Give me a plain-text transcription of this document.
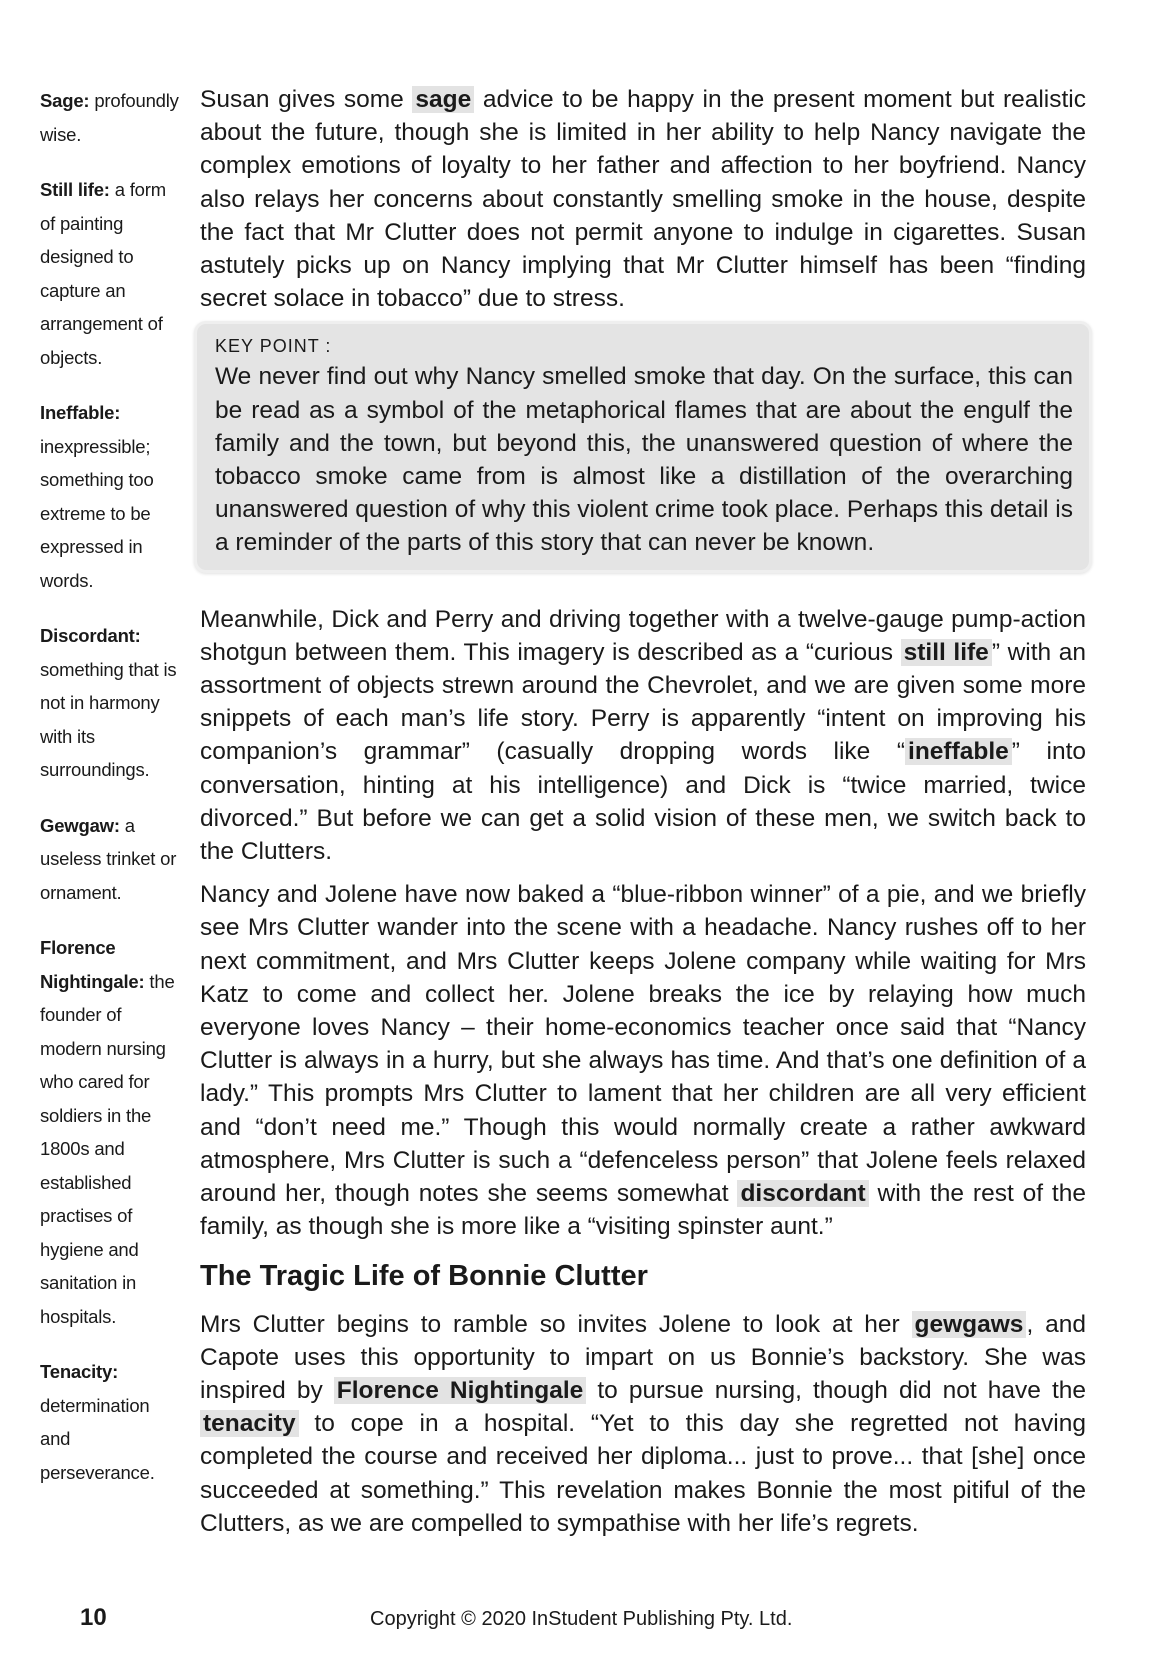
Sage: profoundly wise.
Still life: a form of painting designed to capture an arrangement of objects.
Ineffable: inexpressible; something too extreme to be expressed in words.
Discordant: something that is not in harmony with its surroundings.
Gewgaw: a useless trinket or ornament.
Florence Nightingale: the founder of modern nursing who cared for soldiers in the 1800s and established practises of hygiene and sanitation in hospitals.
Tenacity: determination and perseverance.

Susan gives some sage advice to be happy in the present moment but realistic about the future, though she is limited in her ability to help Nancy navigate the complex emotions of loyalty to her father and affection to her boyfriend. Nancy also relays her concerns about constantly smelling smoke in the house, despite the fact that Mr Clutter does not permit anyone to indulge in cigarettes. Susan astutely picks up on Nancy implying that Mr Clutter himself has been “finding secret solace in tobacco” due to stress.

KEY POINT :

We never find out why Nancy smelled smoke that day. On the surface, this can be read as a symbol of the metaphorical flames that are about the engulf the family and the town, but beyond this, the unanswered question of where the tobacco smoke came from is almost like a distillation of the overarching unanswered question of why this violent crime took place. Perhaps this detail is a reminder of the parts of this story that can never be known.

Meanwhile, Dick and Perry and driving together with a twelve-gauge pump-action shotgun between them. This imagery is described as a “curious still life ” with an assortment of objects strewn around the Chevrolet, and we are given some more snippets of each man’s life story. Perry is apparently “intent on improving his companion’s grammar” (casually dropping words like “ ineffable ” into conversation, hinting at his intelligence) and Dick is “twice married, twice divorced.” But before we can get a solid vision of these men, we switch back to the Clutters.

Nancy and Jolene have now baked a “blue-ribbon winner” of a pie, and we briefly see Mrs Clutter wander into the scene with a headache. Nancy rushes off to her next commitment, and Mrs Clutter keeps Jolene company while waiting for Mrs Katz to come and collect her. Jolene breaks the ice by relaying how much everyone loves Nancy – their home-economics teacher once said that “Nancy Clutter is always in a hurry, but she always has time. And that’s one definition of a lady.” This prompts Mrs Clutter to lament that her children are all very efficient and “don’t need me.” Though this would normally create a rather awkward atmosphere, Mrs Clutter is such a “defenceless person” that Jolene feels relaxed around her, though notes she seems somewhat discordant with the rest of the family, as though she is more like a “visiting spinster aunt.”

The Tragic Life of Bonnie Clutter

Mrs Clutter begins to ramble so invites Jolene to look at her gewgaws , and Capote uses this opportunity to impart on us Bonnie’s backstory. She was inspired by Florence Nightingale to pursue nursing, though did not have the tenacity to cope in a hospital. “Yet to this day she regretted not having completed the course and received her diploma... just to prove... that [she] once succeeded at something.” This revelation makes Bonnie the most pitiful of the Clutters, as we are compelled to sympathise with her life’s regrets.

10	Copyright © 2020 InStudent Publishing Pty. Ltd.
